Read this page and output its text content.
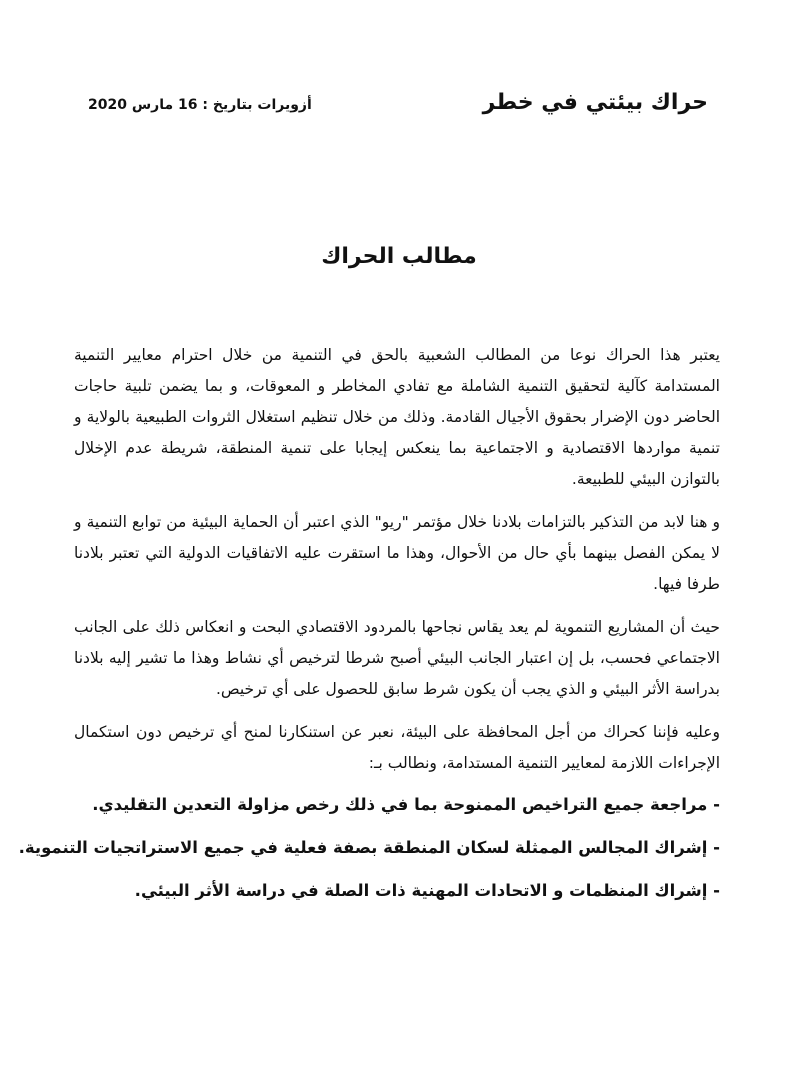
حراك بيئتي في خطر
أزويرات بتاريخ : 16 مارس 2020
مطالب الحراك

يعتبر هذا الحراك نوعا من المطالب الشعبية بالحق في التنمية من خلال احترام معايير التنمية المستدامة كآلية لتحقيق التنمية الشاملة مع تفادي المخاطر و المعوقات، و بما يضمن تلبية حاجات الحاضر دون الإضرار بحقوق الأجيال القادمة. وذلك من خلال تنظيم استغلال الثروات الطبيعية بالولاية و تنمية مواردها الاقتصادية و الاجتماعية بما ينعكس إيجابا على تنمية المنطقة، شريطة عدم الإخلال بالتوازن البيئي للطبيعة.

و هنا لابد من التذكير بالتزامات بلادنا خلال مؤتمر "ريو" الذي اعتبر أن الحماية البيئية من توابع التنمية و لا يمكن الفصل بينهما بأي حال من الأحوال، وهذا ما استقرت عليه الاتفاقيات الدولية التي تعتبر بلادنا طرفا فيها.

حيث أن المشاريع التنموية لم يعد يقاس نجاحها بالمردود الاقتصادي البحت و انعكاس ذلك على الجانب الاجتماعي فحسب، بل إن اعتبار الجانب البيئي أصبح شرطا لترخيص أي نشاط وهذا ما تشير إليه بلادنا بدراسة الأثر البيئي و الذي يجب أن يكون شرط سابق للحصول على أي ترخيص.

وعليه فإننا كحراك من أجل المحافظة على البيئة، نعبر عن استنكارنا لمنح أي ترخيص دون استكمال الإجراءات اللازمة لمعايير التنمية المستدامة، ونطالب بـ:

- مراجعة جميع التراخيص الممنوحة بما في ذلك رخص مزاولة التعدين التقليدي.
- إشراك المجالس الممثلة لسكان المنطقة بصفة فعلية في جميع الاستراتجيات التنموية.
- إشراك المنظمات و الاتحادات المهنية ذات الصلة في دراسة الأثر البيئي.
